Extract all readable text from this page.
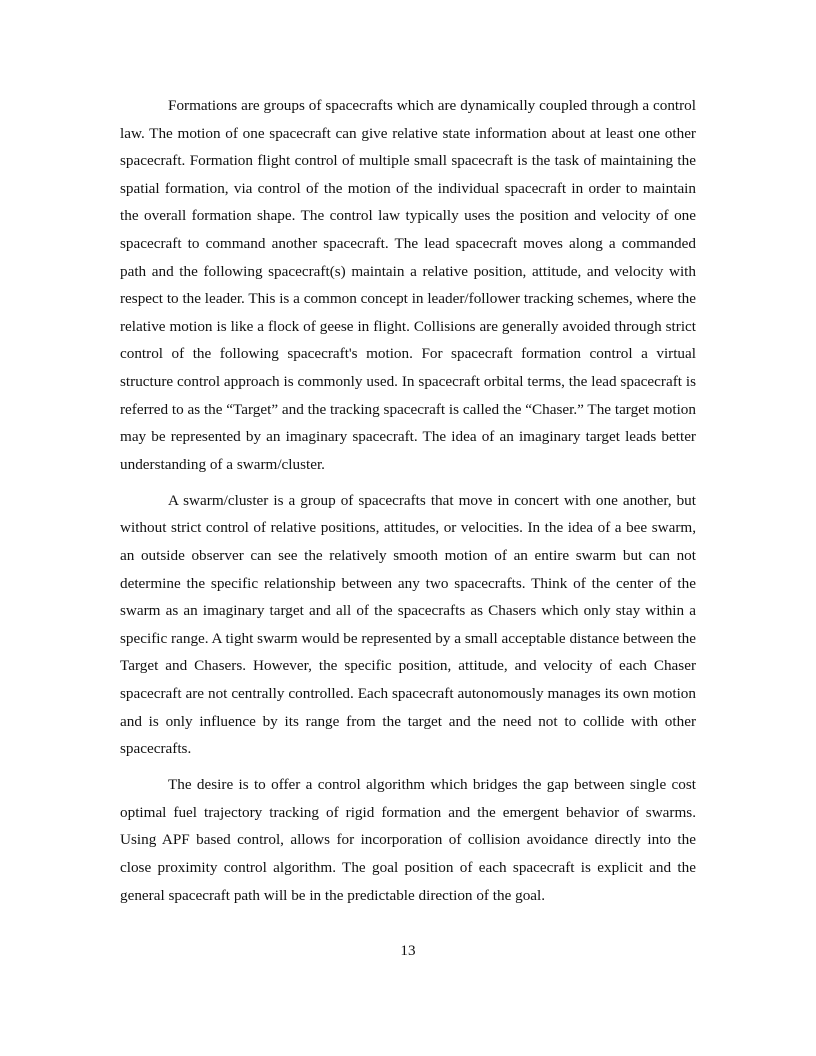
Formations are groups of spacecrafts which are dynamically coupled through a control law. The motion of one spacecraft can give relative state information about at least one other spacecraft. Formation flight control of multiple small spacecraft is the task of maintaining the spatial formation, via control of the motion of the individual spacecraft in order to maintain the overall formation shape. The control law typically uses the position and velocity of one spacecraft to command another spacecraft. The lead spacecraft moves along a commanded path and the following spacecraft(s) maintain a relative position, attitude, and velocity with respect to the leader. This is a common concept in leader/follower tracking schemes, where the relative motion is like a flock of geese in flight. Collisions are generally avoided through strict control of the following spacecraft's motion. For spacecraft formation control a virtual structure control approach is commonly used. In spacecraft orbital terms, the lead spacecraft is referred to as the “Target” and the tracking spacecraft is called the “Chaser.” The target motion may be represented by an imaginary spacecraft. The idea of an imaginary target leads better understanding of a swarm/cluster.

A swarm/cluster is a group of spacecrafts that move in concert with one another, but without strict control of relative positions, attitudes, or velocities. In the idea of a bee swarm, an outside observer can see the relatively smooth motion of an entire swarm but can not determine the specific relationship between any two spacecrafts. Think of the center of the swarm as an imaginary target and all of the spacecrafts as Chasers which only stay within a specific range. A tight swarm would be represented by a small acceptable distance between the Target and Chasers. However, the specific position, attitude, and velocity of each Chaser spacecraft are not centrally controlled. Each spacecraft autonomously manages its own motion and is only influence by its range from the target and the need not to collide with other spacecrafts.

The desire is to offer a control algorithm which bridges the gap between single cost optimal fuel trajectory tracking of rigid formation and the emergent behavior of swarms. Using APF based control, allows for incorporation of collision avoidance directly into the close proximity control algorithm. The goal position of each spacecraft is explicit and the general spacecraft path will be in the predictable direction of the goal.

13
